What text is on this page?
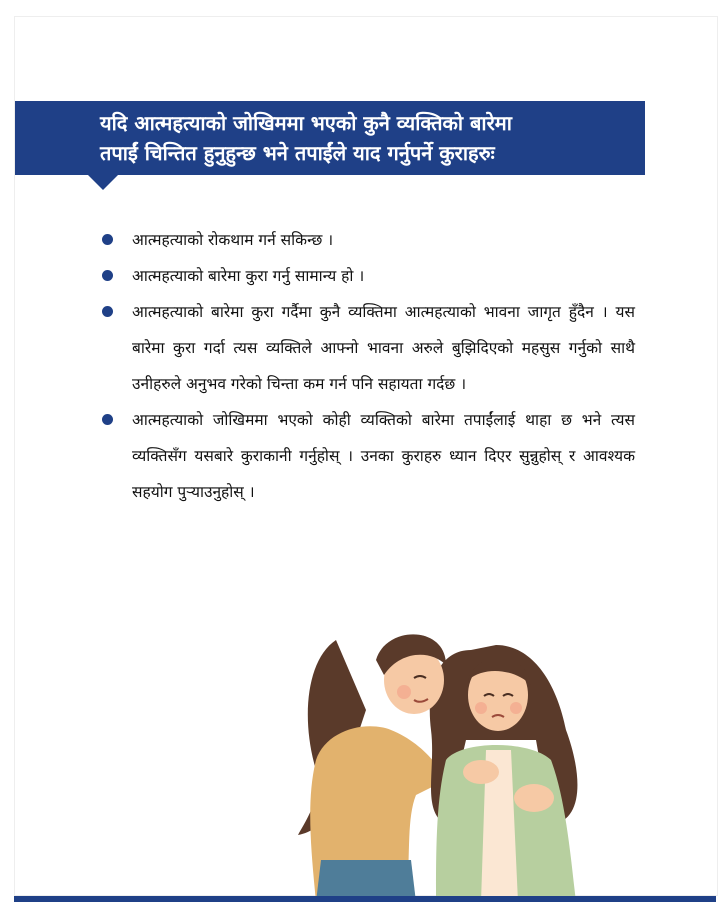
यदि आत्महत्याको जोखिममा भएको कुनै व्यक्तिको बारेमा
तपाईं चिन्तित हुनुहुन्छ भने तपाईंले याद गर्नुपर्ने कुराहरुः
आत्महत्याको रोकथाम गर्न सकिन्छ ।
आत्महत्याको बारेमा कुरा गर्नु सामान्य हो ।
आत्महत्याको बारेमा कुरा गर्दैमा कुनै व्यक्तिमा आत्महत्याको भावना जागृत हुँदैन । यस बारेमा कुरा गर्दा त्यस व्यक्तिले आफ्नो भावना अरुले बुझिदिएको महसुस गर्नुको साथै उनीहरुले अनुभव गरेको चिन्ता कम गर्न पनि सहायता गर्दछ ।
आत्महत्याको जोखिममा भएको कोही व्यक्तिको बारेमा तपाईंलाई थाहा छ भने त्यस व्यक्तिसँग यसबारे कुराकानी गर्नुहोस् । उनका कुराहरु ध्यान दिएर सुन्नुहोस् र आवश्यक सहयोग पुर्‍याउनुहोस् ।
